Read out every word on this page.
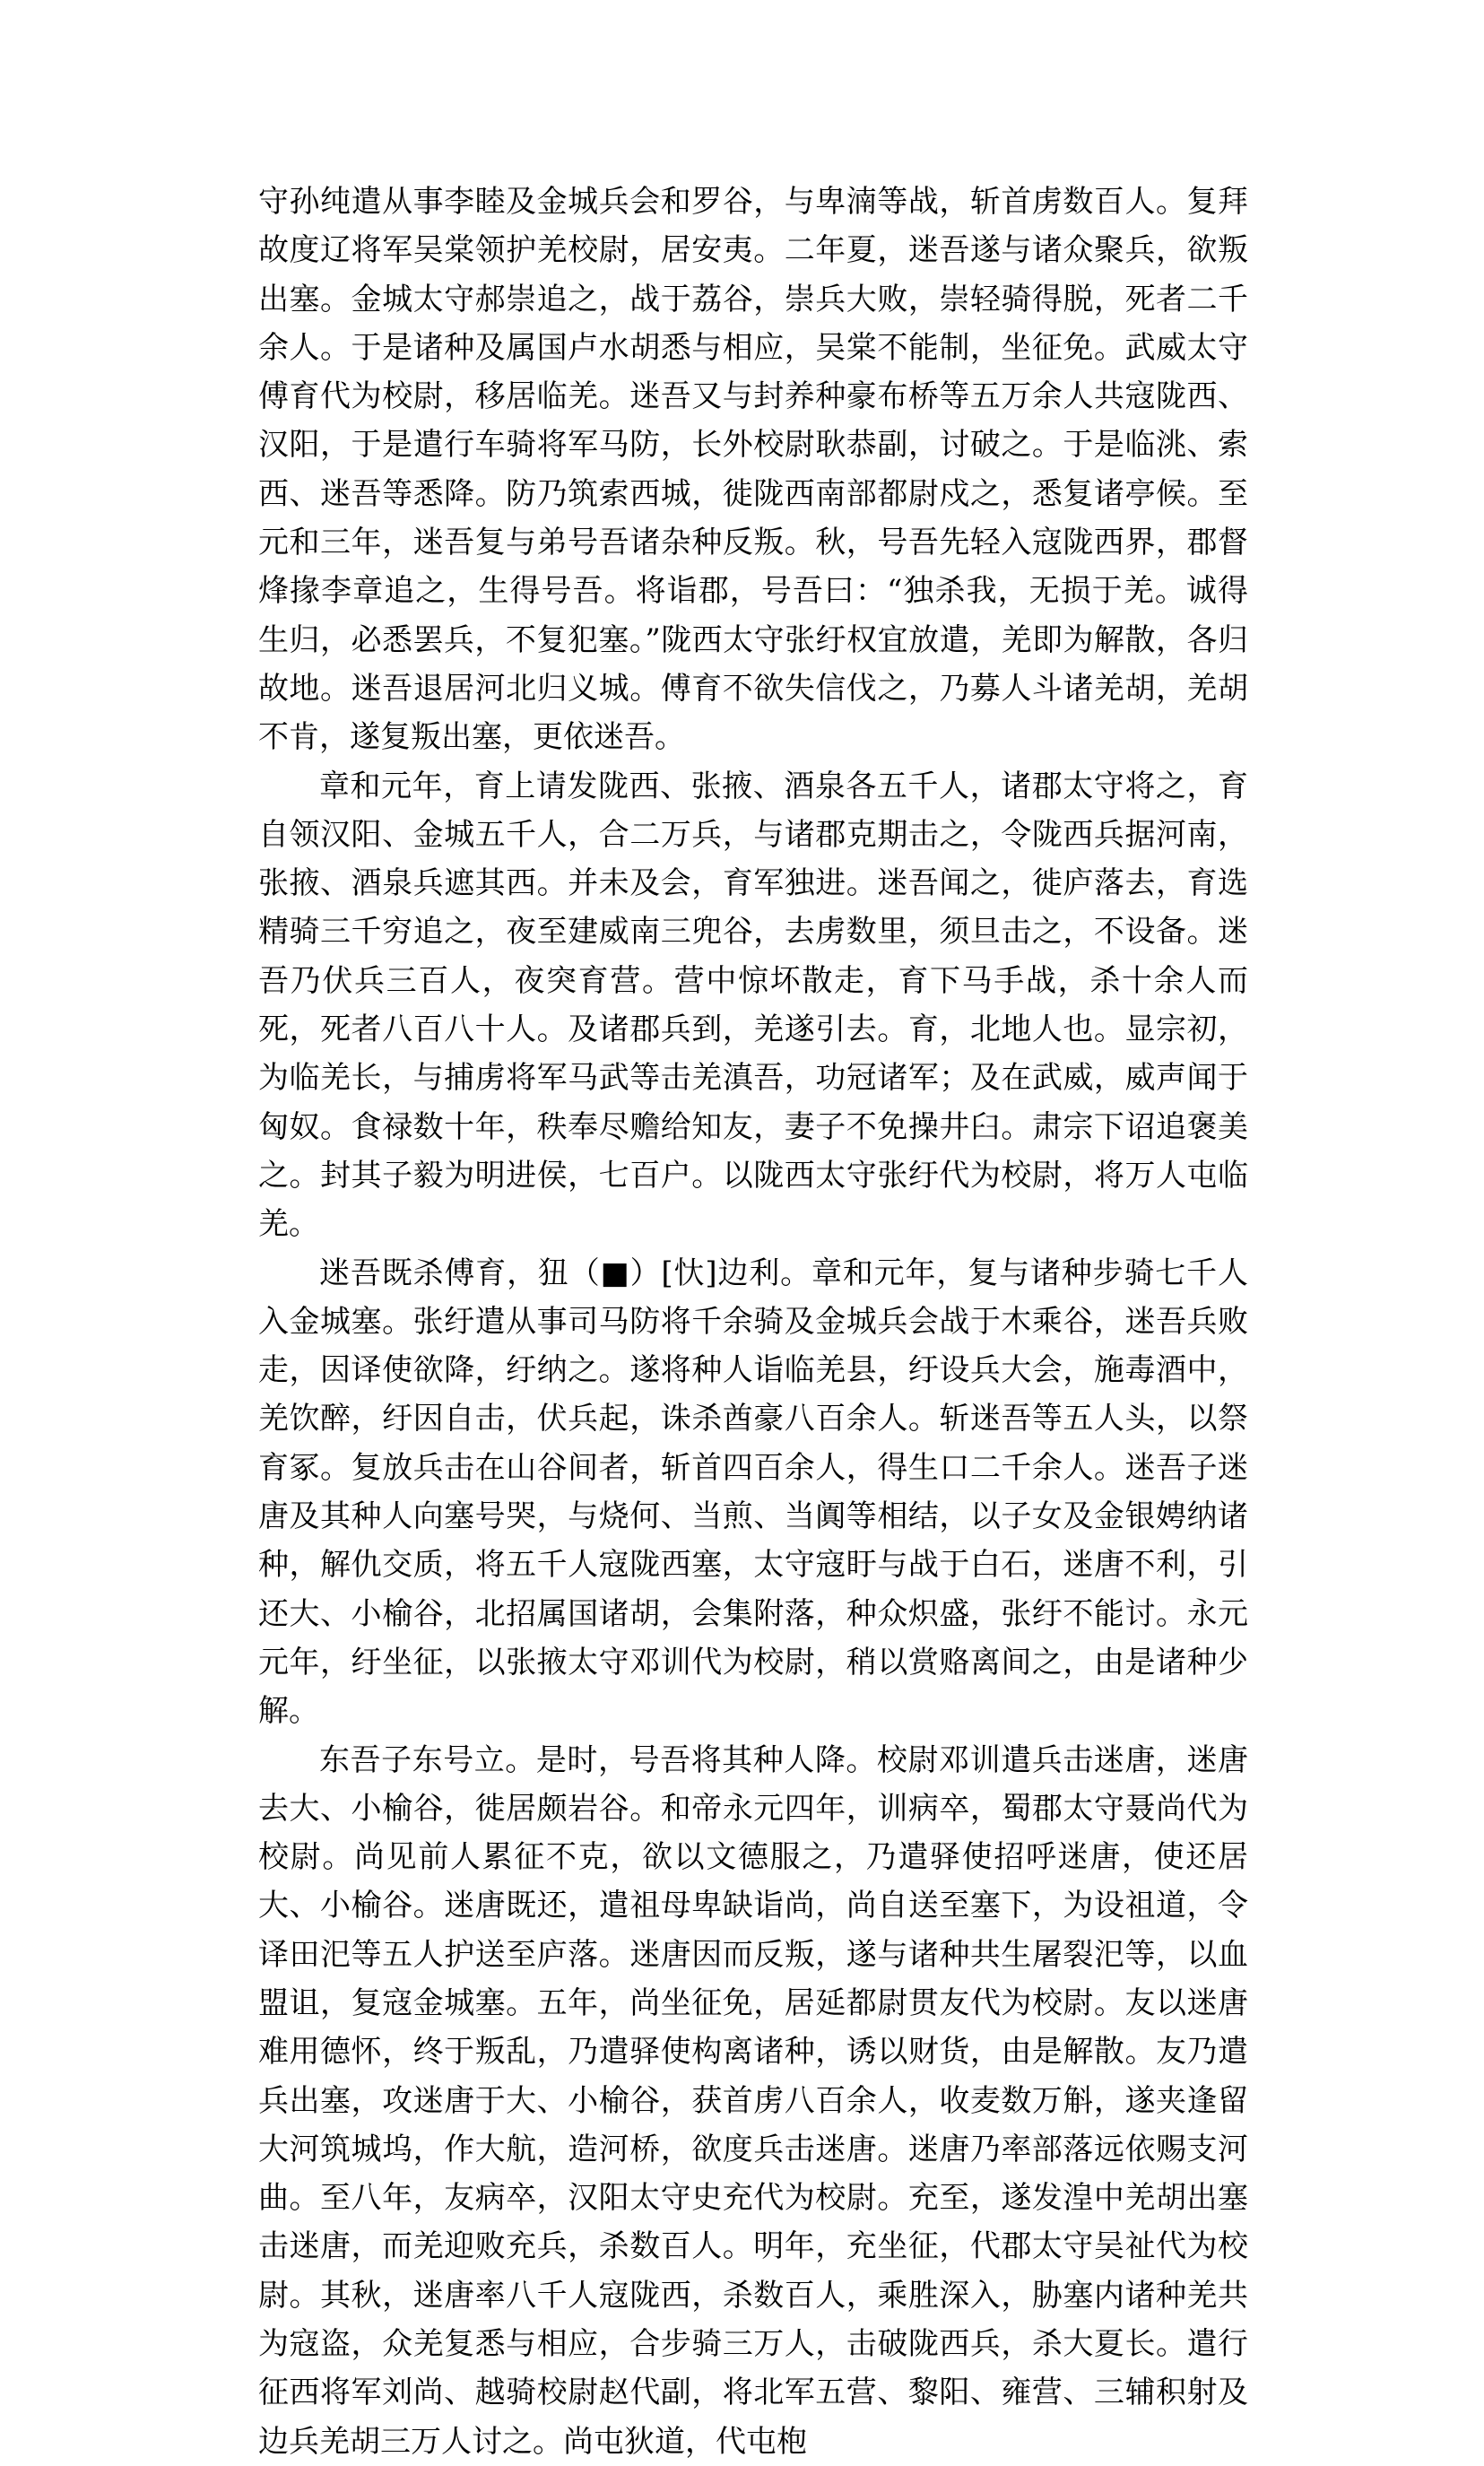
守孙纯遣从事李睦及金城兵会和罗谷，与卑湳等战，斩首虏数百人。复拜故度辽将军吴棠领护羌校尉，居安夷。二年夏，迷吾遂与诸众聚兵，欲叛出塞。金城太守郝崇追之，战于荔谷，崇兵大败，崇轻骑得脱，死者二千余人。于是诸种及属国卢水胡悉与相应，吴棠不能制，坐征免。武威太守傅育代为校尉，移居临羌。迷吾又与封养种豪布桥等五万余人共寇陇西、汉阳，于是遣行车骑将军马防，长外校尉耿恭副，讨破之。于是临洮、索西、迷吾等悉降。防乃筑索西城，徙陇西南部都尉戍之，悉复诸亭候。至元和三年，迷吾复与弟号吾诸杂种反叛。秋，号吾先轻入寇陇西界，郡督烽掾李章追之，生得号吾。将诣郡，号吾曰：“独杀我，无损于羌。诚得生归，必悉罢兵，不复犯塞。”陇西太守张纡权宜放遣，羌即为解散，各归故地。迷吾退居河北归义城。傅育不欲失信伐之，乃募人斗诸羌胡，羌胡不肯，遂复叛出塞，更依迷吾。

章和元年，育上请发陇西、张掖、酒泉各五千人，诸郡太守将之，育自领汉阳、金城五千人，合二万兵，与诸郡克期击之，令陇西兵据河南，张掖、酒泉兵遮其西。并未及会，育军独进。迷吾闻之，徙庐落去，育选精骑三千穷追之，夜至建威南三兜谷，去虏数里，须旦击之，不设备。迷吾乃伏兵三百人，夜突育营。营中惊坏散走，育下马手战，杀十余人而死，死者八百八十人。及诸郡兵到，羌遂引去。育，北地人也。显宗初，为临羌长，与捕虏将军马武等击羌滇吾，功冠诸军；及在武威，威声闻于匈奴。食禄数十年，秩奉尽赡给知友，妻子不免操井臼。肃宗下诏追褒美之。封其子毅为明进侯，七百户。以陇西太守张纡代为校尉，将万人屯临羌。

迷吾既杀傅育，狃（■）[忕]边利。章和元年，复与诸种步骑七千人入金城塞。张纡遣从事司马防将千余骑及金城兵会战于木乘谷，迷吾兵败走，因译使欲降，纡纳之。遂将种人诣临羌县，纡设兵大会，施毒酒中，羌饮醉，纡因自击，伏兵起，诛杀酋豪八百余人。斩迷吾等五人头，以祭育冢。复放兵击在山谷间者，斩首四百余人，得生口二千余人。迷吾子迷唐及其种人向塞号哭，与烧何、当煎、当阗等相结，以子女及金银娉纳诸种，解仇交质，将五千人寇陇西塞，太守寇盱与战于白石，迷唐不利，引还大、小榆谷，北招属国诸胡，会集附落，种众炽盛，张纡不能讨。永元元年，纡坐征，以张掖太守邓训代为校尉，稍以赏赂离间之，由是诸种少解。

东吾子东号立。是时，号吾将其种人降。校尉邓训遣兵击迷唐，迷唐去大、小榆谷，徙居颇岩谷。和帝永元四年，训病卒，蜀郡太守聂尚代为校尉。尚见前人累征不克，欲以文德服之，乃遣驿使招呼迷唐，使还居大、小榆谷。迷唐既还，遣祖母卑缺诣尚，尚自送至塞下，为设祖道，令译田汜等五人护送至庐落。迷唐因而反叛，遂与诸种共生屠裂汜等，以血盟诅，复寇金城塞。五年，尚坐征免，居延都尉贯友代为校尉。友以迷唐难用德怀，终于叛乱，乃遣驿使构离诸种，诱以财货，由是解散。友乃遣兵出塞，攻迷唐于大、小榆谷，获首虏八百余人，收麦数万斛，遂夹逢留大河筑城坞，作大航，造河桥，欲度兵击迷唐。迷唐乃率部落远依赐支河曲。至八年，友病卒，汉阳太守史充代为校尉。充至，遂发湟中羌胡出塞击迷唐，而羌迎败充兵，杀数百人。明年，充坐征，代郡太守吴祉代为校尉。其秋，迷唐率八千人寇陇西，杀数百人，乘胜深入，胁塞内诸种羌共为寇盗，众羌复悉与相应，合步骑三万人，击破陇西兵，杀大夏长。遣行征西将军刘尚、越骑校尉赵代副，将北军五营、黎阳、雍营、三辅积射及边兵羌胡三万人讨之。尚屯狄道，代屯枹
